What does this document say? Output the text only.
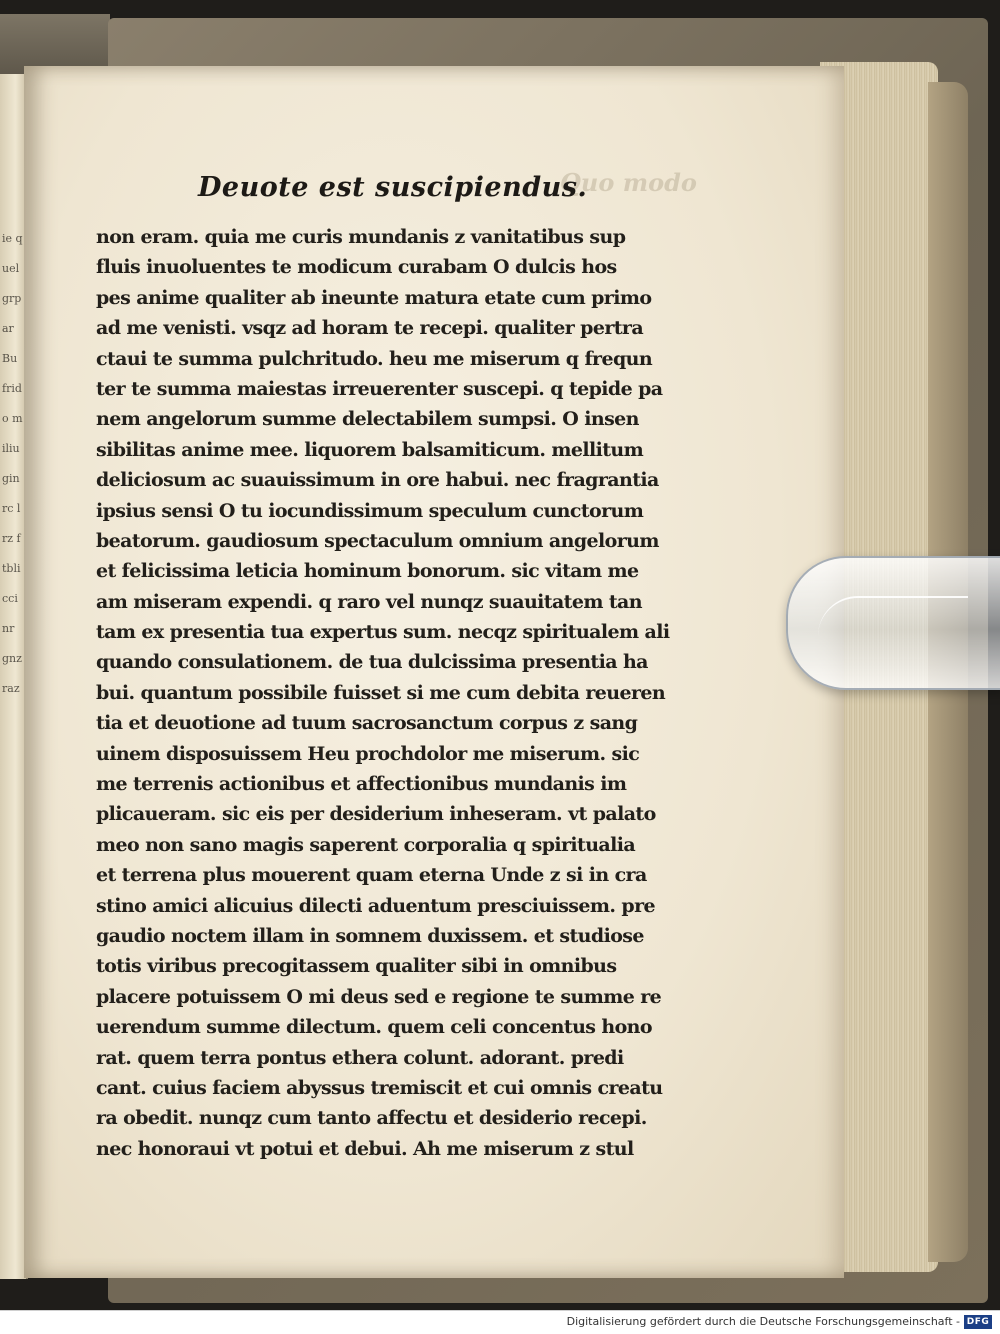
ie quel grpar Bu frido miliu gin rc lrz ftbli ccinr gnz raz
Quo modo
Deuote est suscipiendus.
non eram. quia me curis mundanis z vanitatibus sup
fluis inuoluentes te modicum curabam O dulcis hos
pes anime qualiter ab ineunte matura etate cum primo
ad me venisti. vsqz ad horam te recepi. qualiter pertra
ctaui te summa pulchritudo. heu me miserum q frequn
ter te summa maiestas irreuerenter suscepi. q tepide pa
nem angelorum summe delectabilem sumpsi. O insen
sibilitas anime mee. liquorem balsamiticum. mellitum
deliciosum ac suauissimum in ore habui. nec fragrantia
ipsius sensi O tu iocundissimum speculum cunctorum
beatorum. gaudiosum spectaculum omnium angelorum
et felicissima leticia hominum bonorum. sic vitam me
am miseram expendi. q raro vel nunqz suauitatem tan
tam ex presentia tua expertus sum. necqz spiritualem ali
quando consulationem. de tua dulcissima presentia ha
bui. quantum possibile fuisset si me cum debita reueren
tia et deuotione ad tuum sacrosanctum corpus z sang
uinem disposuissem Heu prochdolor me miserum. sic
me terrenis actionibus et affectionibus mundanis im
plicaueram. sic eis per desiderium inheseram. vt palato
meo non sano magis saperent corporalia q spiritualia
et terrena plus mouerent quam eterna Unde z si in cra
stino amici alicuius dilecti aduentum presciuissem. pre
gaudio noctem illam in somnem duxissem. et studiose
totis viribus precogitassem qualiter sibi in omnibus
placere potuissem O mi deus sed e regione te summe re
uerendum summe dilectum. quem celi concentus hono
rat. quem terra pontus ethera colunt. adorant. predi
cant. cuius faciem abyssus tremiscit et cui omnis creatu
ra obedit. nunqz cum tanto affectu et desiderio recepi.
nec honoraui vt potui et debui. Ah me miserum z stul
Digitalisierung gefördert durch die Deutsche Forschungsgemeinschaft - DFG
